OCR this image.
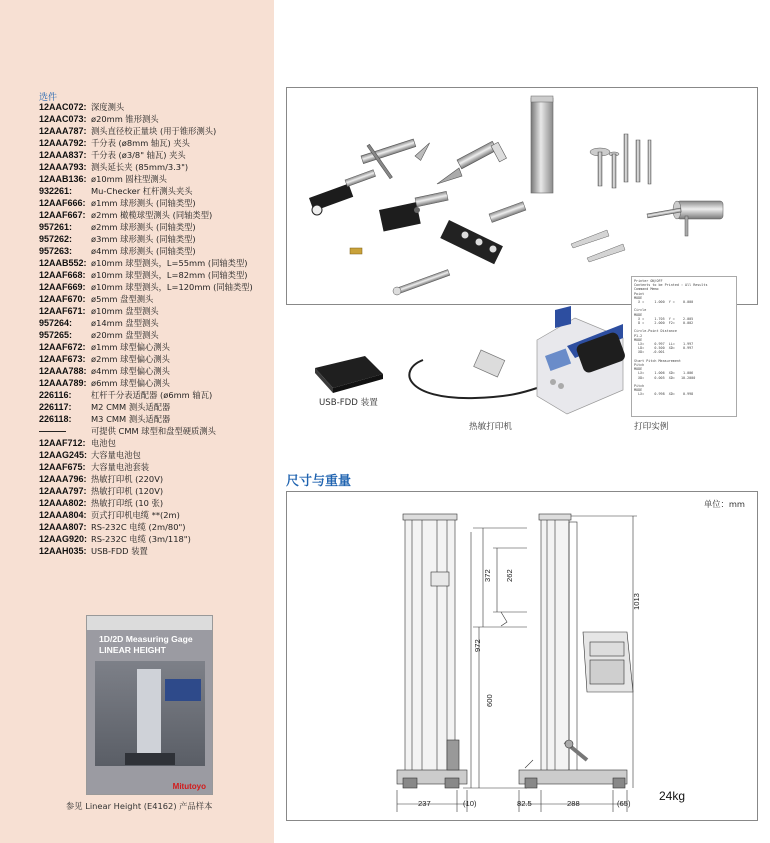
选件
12AAC072: 深度测头
12AAC073: ø20mm 锥形测头
12AAA787: 测头直径校正量块 (用于锥形测头)
12AAA792: 千分表 (ø8mm 轴瓦) 夹头
12AAA837: 千分表 (ø3/8" 轴瓦) 夹头
12AAA793: 测头延长夹 (85mm/3.3")
12AAB136: ø10mm 圆柱型测头
932261:	Mu-Checker 杠杆测头夹头
12AAF666: ø1mm 球形测头 (同轴类型)
12AAF667: ø2mm 橄榄球型测头 (同轴类型)
957261:	ø2mm 球形测头 (同轴类型)
957262:	ø3mm 球形测头 (同轴类型)
957263:	ø4mm 球形测头 (同轴类型)
12AAB552: ø10mm 球型测头，L=55mm (同轴类型)
12AAF668: ø10mm 球型测头，L=82mm (同轴类型)
12AAF669: ø10mm 球型测头，L=120mm (同轴类型)
12AAF670: ø5mm 盘型测头
12AAF671: ø10mm 盘型测头
957264:	ø14mm 盘型测头
957265:	ø20mm 盘型测头
12AAF672: ø1mm 球型偏心测头
12AAF673: ø2mm 球型偏心测头
12AAA788: ø4mm 球型偏心测头
12AAA789: ø6mm 球型偏心测头
226116:	杠杆千分表适配器 (ø6mm 轴瓦)
226117:	M2 CMM 测头适配器
226118:	M3 CMM 测头适配器
———	可提供 CMM 球型和盘型硬质测头
12AAF712: 电池包
12AAG245: 大容量电池包
12AAF675: 大容量电池套装
12AAA796: 热敏打印机 (220V)
12AAA797: 热敏打印机 (120V)
12AAA802: 热敏打印纸 (10 张)
12AAA804: 页式打印机电缆 **(2m)
12AAA807: RS-232C 电缆 (2m/80")
12AAG920: RS-232C 电缆 (3m/118")
12AAH035: USB-FDD 装置
1D/2D Measuring Gage
LINEAR HEIGHT
Mitutoyo
参见 Linear Height (E4162) 产品样本
USB-FDD 装置
热敏打印机
Printer ON/OFF
Contents to be Printed : All Results
Command Memo
Point
MODE
X =     1.000  Y =    0.000

Circle
MODE
X =     1.705  Y =    2.005
D =     2.000  F2=    0.002

Circle-Point Distance
P1-2
MODE
LX=     0.997  LL=    1.997
LD=     0.500  XD=    0.997
XD=    -0.001

Start Pitch Measurement
Pitch
MODE
LX=     1.006  XD=    1.006
XD=     0.005  XD=   10.2000

Pitch
MODE
LX=     0.998  XD=    0.998
打印实例
尺寸与重量
单位：mm
372 262
972
600
1013
237	(10)	82.5	288	(65)
24kg
